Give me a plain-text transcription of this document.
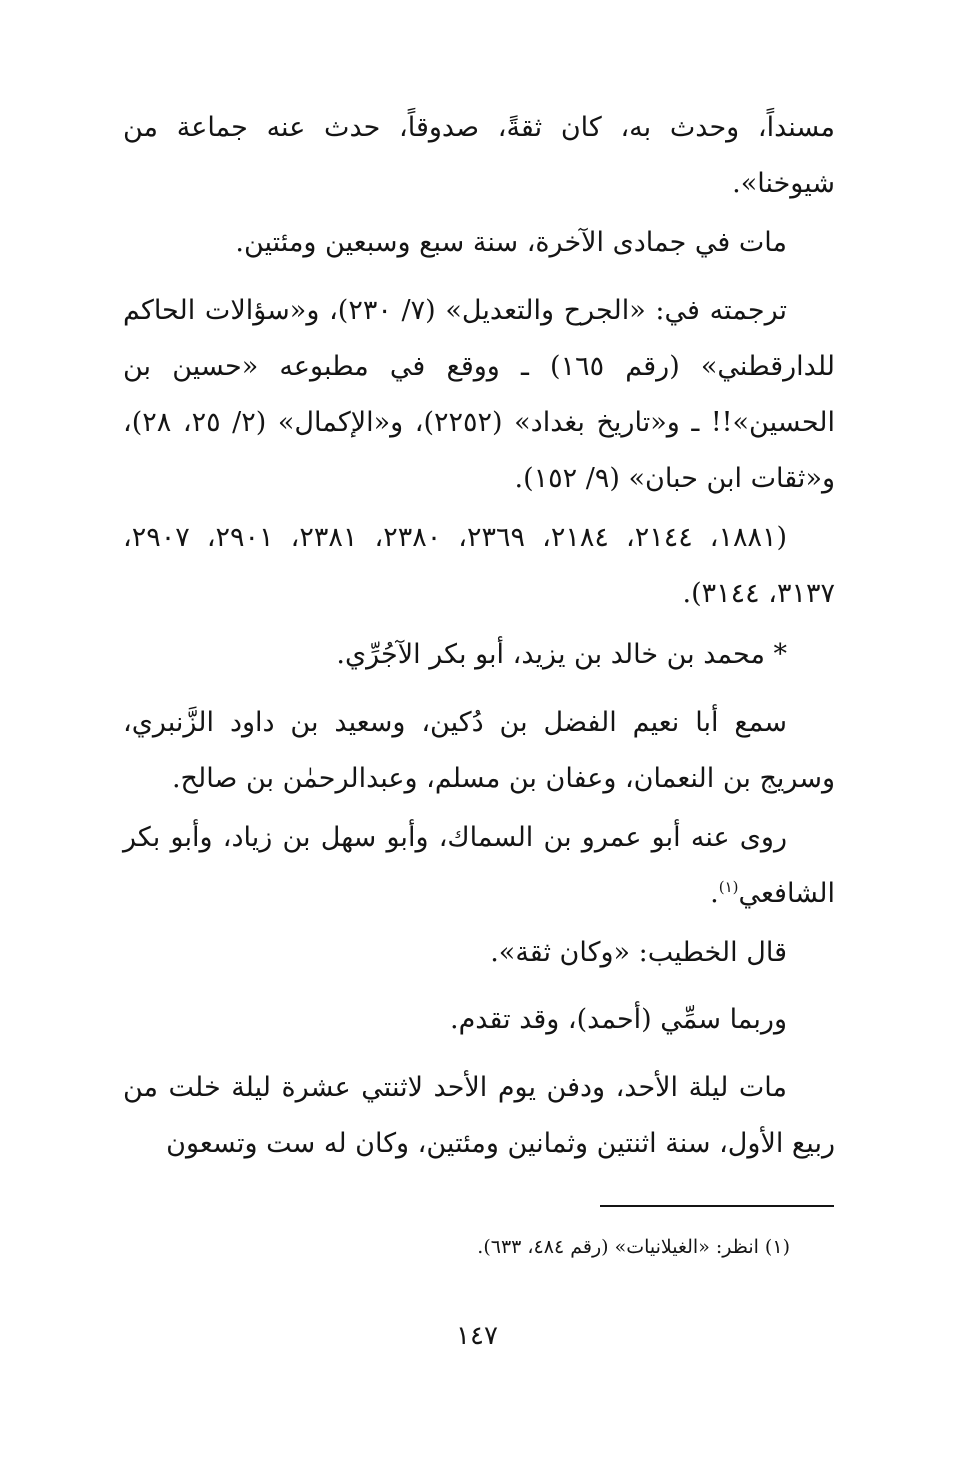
مسنداً، وحدث به، كان ثقةً، صدوقاً، حدث عنه جماعة من شيوخنا».

مات في جمادى الآخرة، سنة سبع وسبعين ومئتين.

ترجمته في: «الجرح والتعديل» (٧/ ٢٣٠)، و«سؤالات الحاكم للدارقطني» (رقم ١٦٥) ـ ووقع في مطبوعه «حسين بن الحسين»!! ـ و«تاريخ بغداد» (٢٢٥٢)، و«الإكمال» (٢/ ٢٥، ٢٨)، و«ثقات ابن حبان» (٩/ ١٥٢).

(١٨٨١، ٢١٤٤، ٢١٨٤، ٢٣٦٩، ٢٣٨٠، ٢٣٨١، ٢٩٠١، ٢٩٠٧، ٣١٣٧، ٣١٤٤).

* محمد بن خالد بن يزيد، أبو بكر الآجُرِّي.

سمع أبا نعيم الفضل بن دُكين، وسعيد بن داود الزَّنبري، وسريج بن النعمان، وعفان بن مسلم، وعبدالرحمٰن بن صالح.

روى عنه أبو عمرو بن السماك، وأبو سهل بن زياد، وأبو بكر الشافعي$^{(١)}$.

قال الخطيب: «وكان ثقة».

وربما سمِّي (أحمد)، وقد تقدم.

مات ليلة الأحد، ودفن يوم الأحد لاثنتي عشرة ليلة خلت من ربيع الأول، سنة اثنتين وثمانين ومئتين، وكان له ست وتسعون

(١) انظر: «الغيلانيات» (رقم ٤٨٤، ٦٣٣).

١٤٧
